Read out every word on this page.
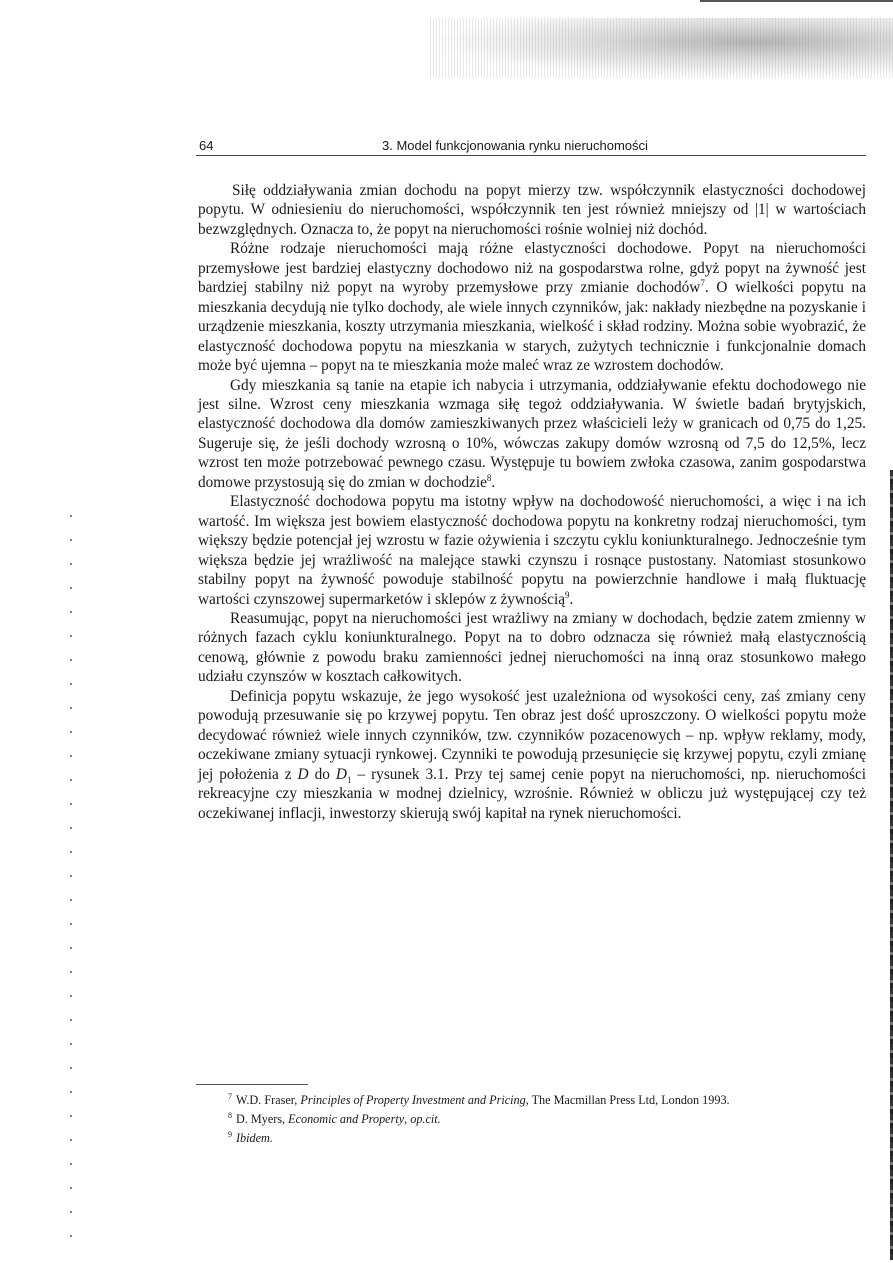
64	3. Model funkcjonowania rynku nieruchomości

Siłę oddziaływania zmian dochodu na popyt mierzy tzw. współczynnik elastyczności dochodowej popytu. W odniesieniu do nieruchomości, współczynnik ten jest również mniejszy od |1| w wartościach bezwzględnych. Oznacza to, że popyt na nieruchomości rośnie wolniej niż dochód.

Różne rodzaje nieruchomości mają różne elastyczności dochodowe. Popyt na nieruchomości przemysłowe jest bardziej elastyczny dochodowo niż na gospodarstwa rolne, gdyż popyt na żywność jest bardziej stabilny niż popyt na wyroby przemysłowe przy zmianie dochodów$^7$. O wielkości popytu na mieszkania decydują nie tylko dochody, ale wiele innych czynników, jak: nakłady niezbędne na pozyskanie i urządzenie mieszkania, koszty utrzymania mieszkania, wielkość i skład rodziny. Można sobie wyobrazić, że elastyczność dochodowa popytu na mieszkania w starych, zużytych technicznie i funkcjonalnie domach może być ujemna – popyt na te mieszkania może maleć wraz ze wzrostem dochodów.

Gdy mieszkania są tanie na etapie ich nabycia i utrzymania, oddziaływanie efektu dochodowego nie jest silne. Wzrost ceny mieszkania wzmaga siłę tegoż oddziaływania. W świetle badań brytyjskich, elastyczność dochodowa dla domów zamieszkiwanych przez właścicieli leży w granicach od 0,75 do 1,25. Sugeruje się, że jeśli dochody wzrosną o 10%, wówczas zakupy domów wzrosną od 7,5 do 12,5%, lecz wzrost ten może potrzebować pewnego czasu. Występuje tu bowiem zwłoka czasowa, zanim gospodarstwa domowe przystosują się do zmian w dochodzie$^8$.

Elastyczność dochodowa popytu ma istotny wpływ na dochodowość nieruchomości, a więc i na ich wartość. Im większa jest bowiem elastyczność dochodowa popytu na konkretny rodzaj nieruchomości, tym większy będzie potencjał jej wzrostu w fazie ożywienia i szczytu cyklu koniunkturalnego. Jednocześnie tym większa będzie jej wrażliwość na malejące stawki czynszu i rosnące pustostany. Natomiast stosunkowo stabilny popyt na żywność powoduje stabilność popytu na powierzchnie handlowe i małą fluktuację wartości czynszowej supermarketów i sklepów z żywnością$^9$.

Reasumując, popyt na nieruchomości jest wrażliwy na zmiany w dochodach, będzie zatem zmienny w różnych fazach cyklu koniunkturalnego. Popyt na to dobro odznacza się również małą elastycznością cenową, głównie z powodu braku zamienności jednej nieruchomości na inną oraz stosunkowo małego udziału czynszów w kosztach całkowitych.

Definicja popytu wskazuje, że jego wysokość jest uzależniona od wysokości ceny, zaś zmiany ceny powodują przesuwanie się po krzywej popytu. Ten obraz jest dość uproszczony. O wielkości popytu może decydować również wiele innych czynników, tzw. czynników pozacenowych – np. wpływ reklamy, mody, oczekiwane zmiany sytuacji rynkowej. Czynniki te powodują przesunięcie się krzywej popytu, czyli zmianę jej położenia z D do $D_1$ – rysunek 3.1. Przy tej samej cenie popyt na nieruchomości, np. nieruchomości rekreacyjne czy mieszkania w modnej dzielnicy, wzrośnie. Również w obliczu już występującej czy też oczekiwanej inflacji, inwestorzy skierują swój kapitał na rynek nieruchomości.

$^7$ W.D. Fraser, Principles of Property Investment and Pricing, The Macmillan Press Ltd, London 1993.
$^8$ D. Myers, Economic and Property, op.cit.
$^9$ Ibidem.
